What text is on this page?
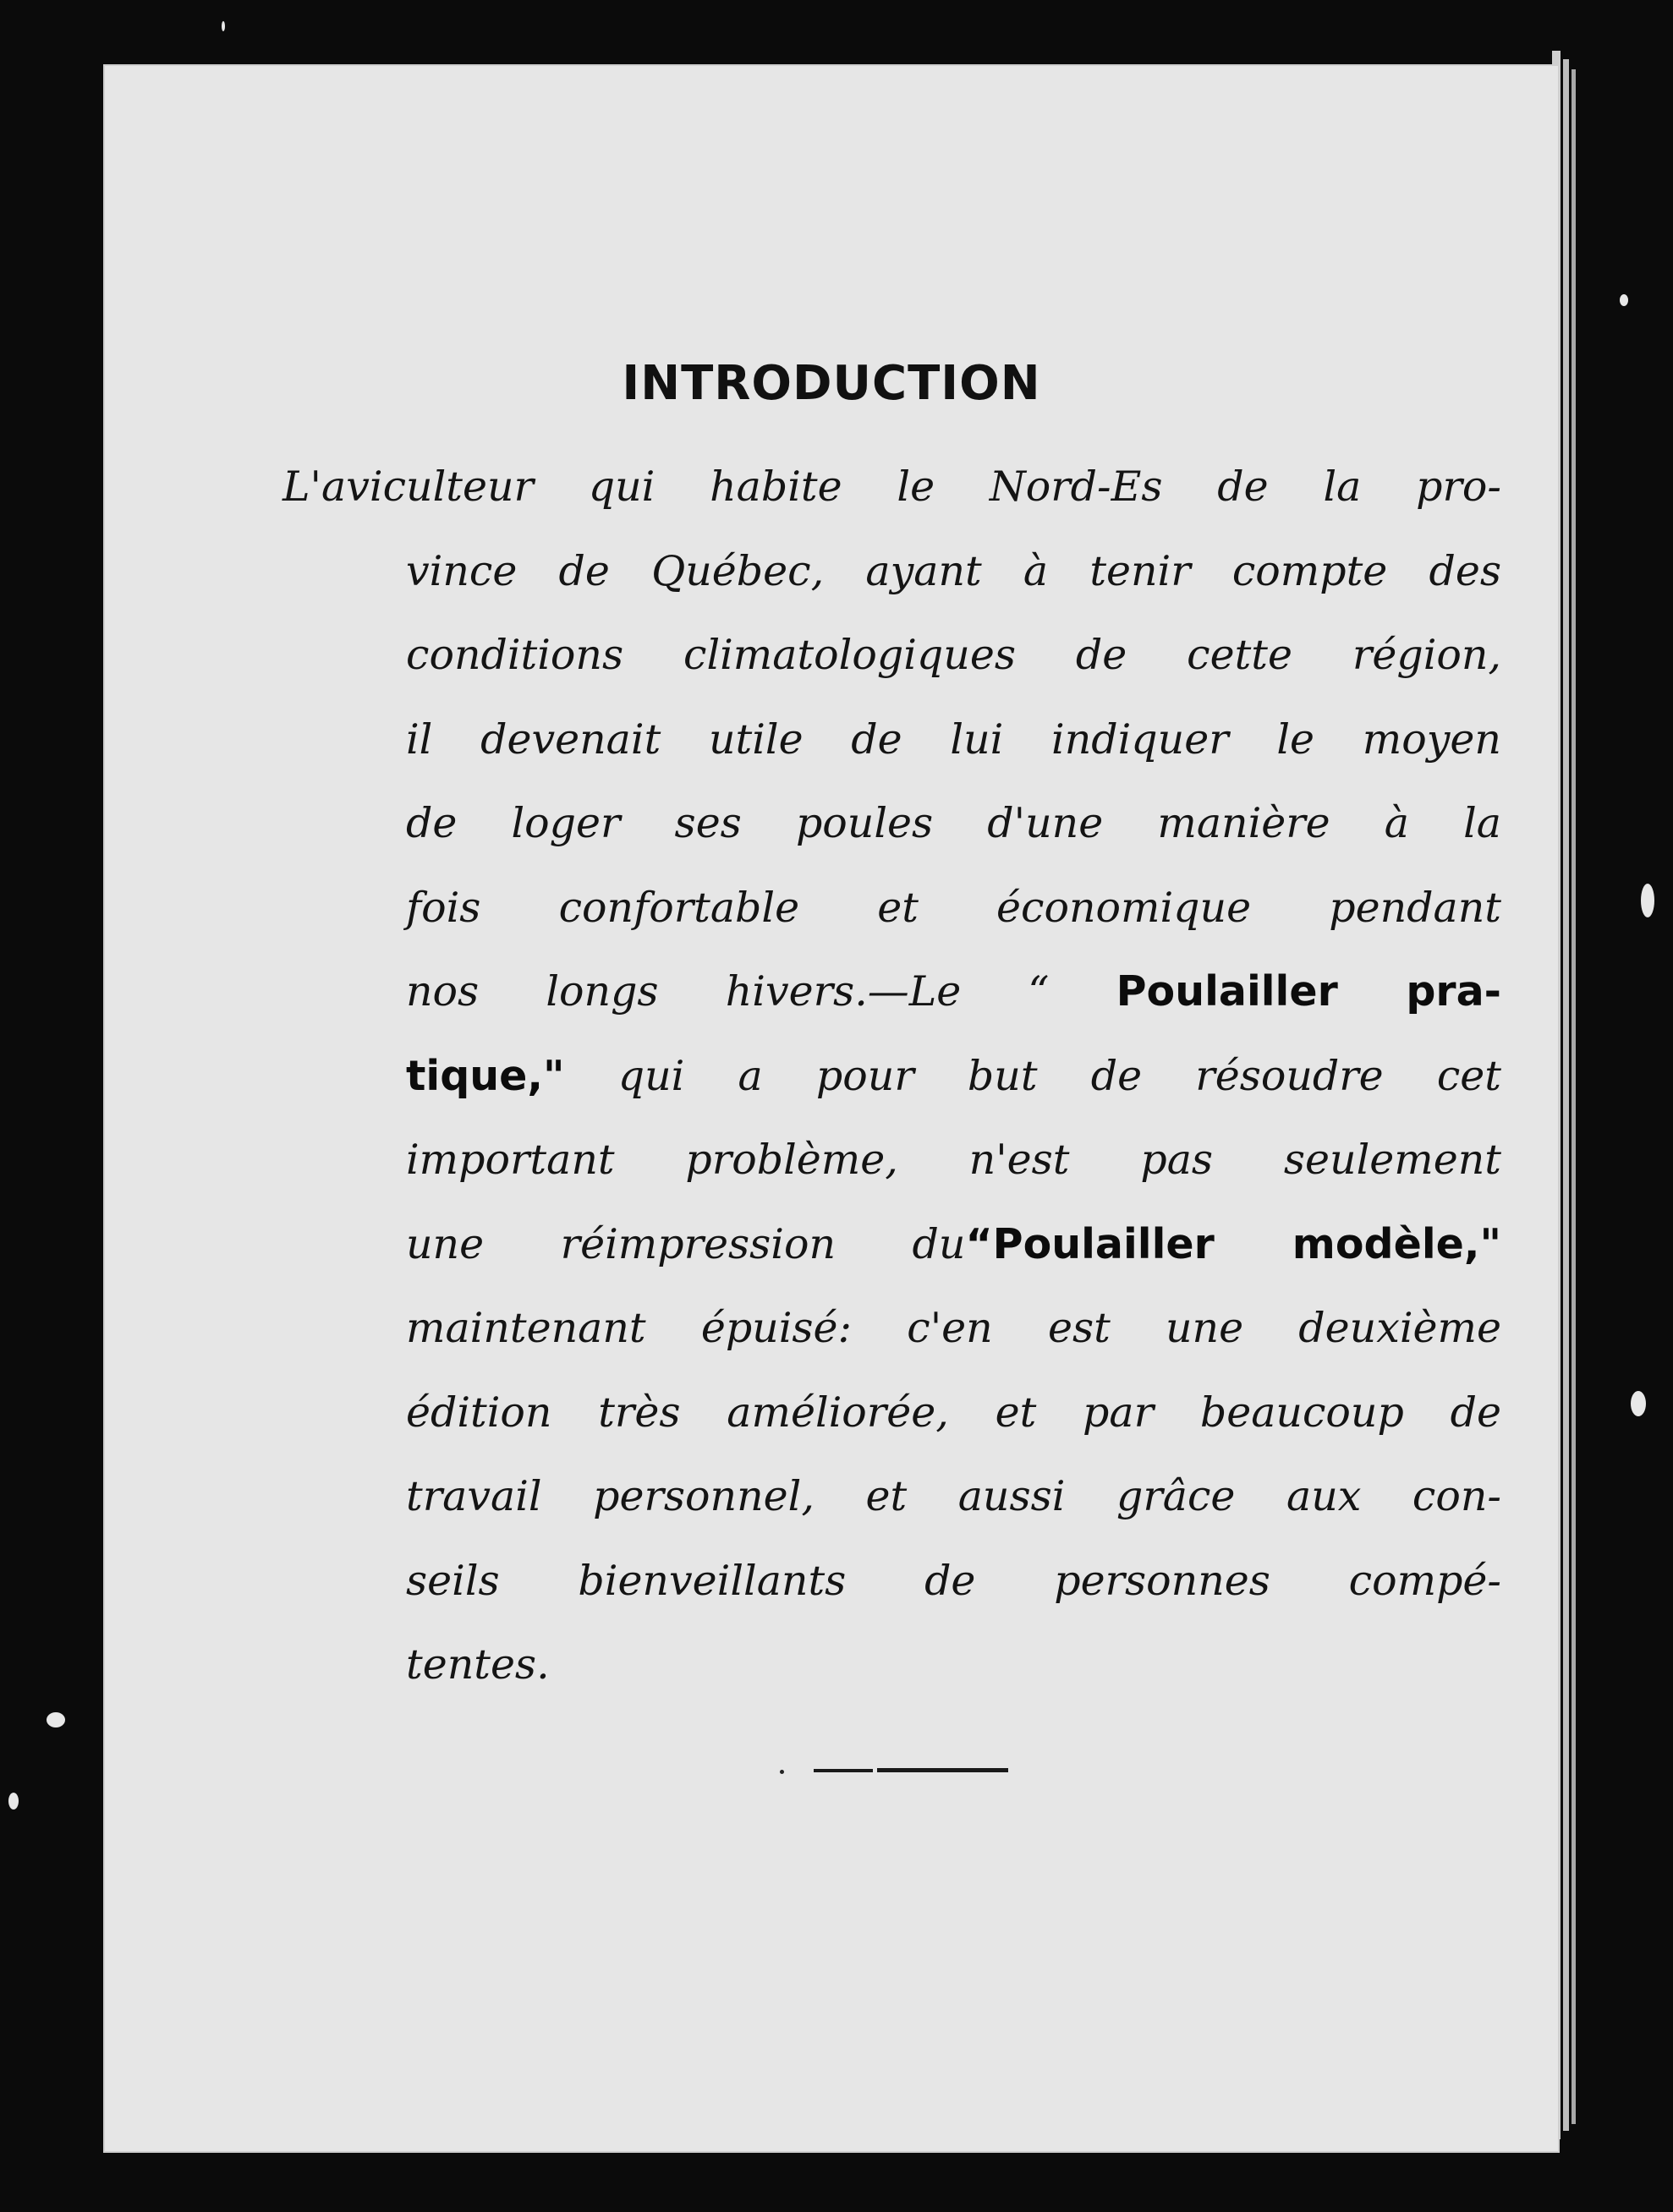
INTRODUCTION
L'aviculteur qui habite le Nord-Es de la pro-
vince de Québec, ayant à tenir compte des
conditions climatologiques de cette région,
il devenait utile de lui indiquer le moyen
de loger ses poules d'une manière à la
fois confortable et économique pendant
nos longs hivers.—Le “ Poulailler pra-
tique," qui a pour but de résoudre cet
important problème, n'est pas seulement
une réimpression du“Poulailler modèle,"
maintenant épuisé: c'en est une deuxième
édition très améliorée, et par beaucoup de
travail personnel, et aussi grâce aux con-
seils bienveillants de personnes compé-
tentes.
